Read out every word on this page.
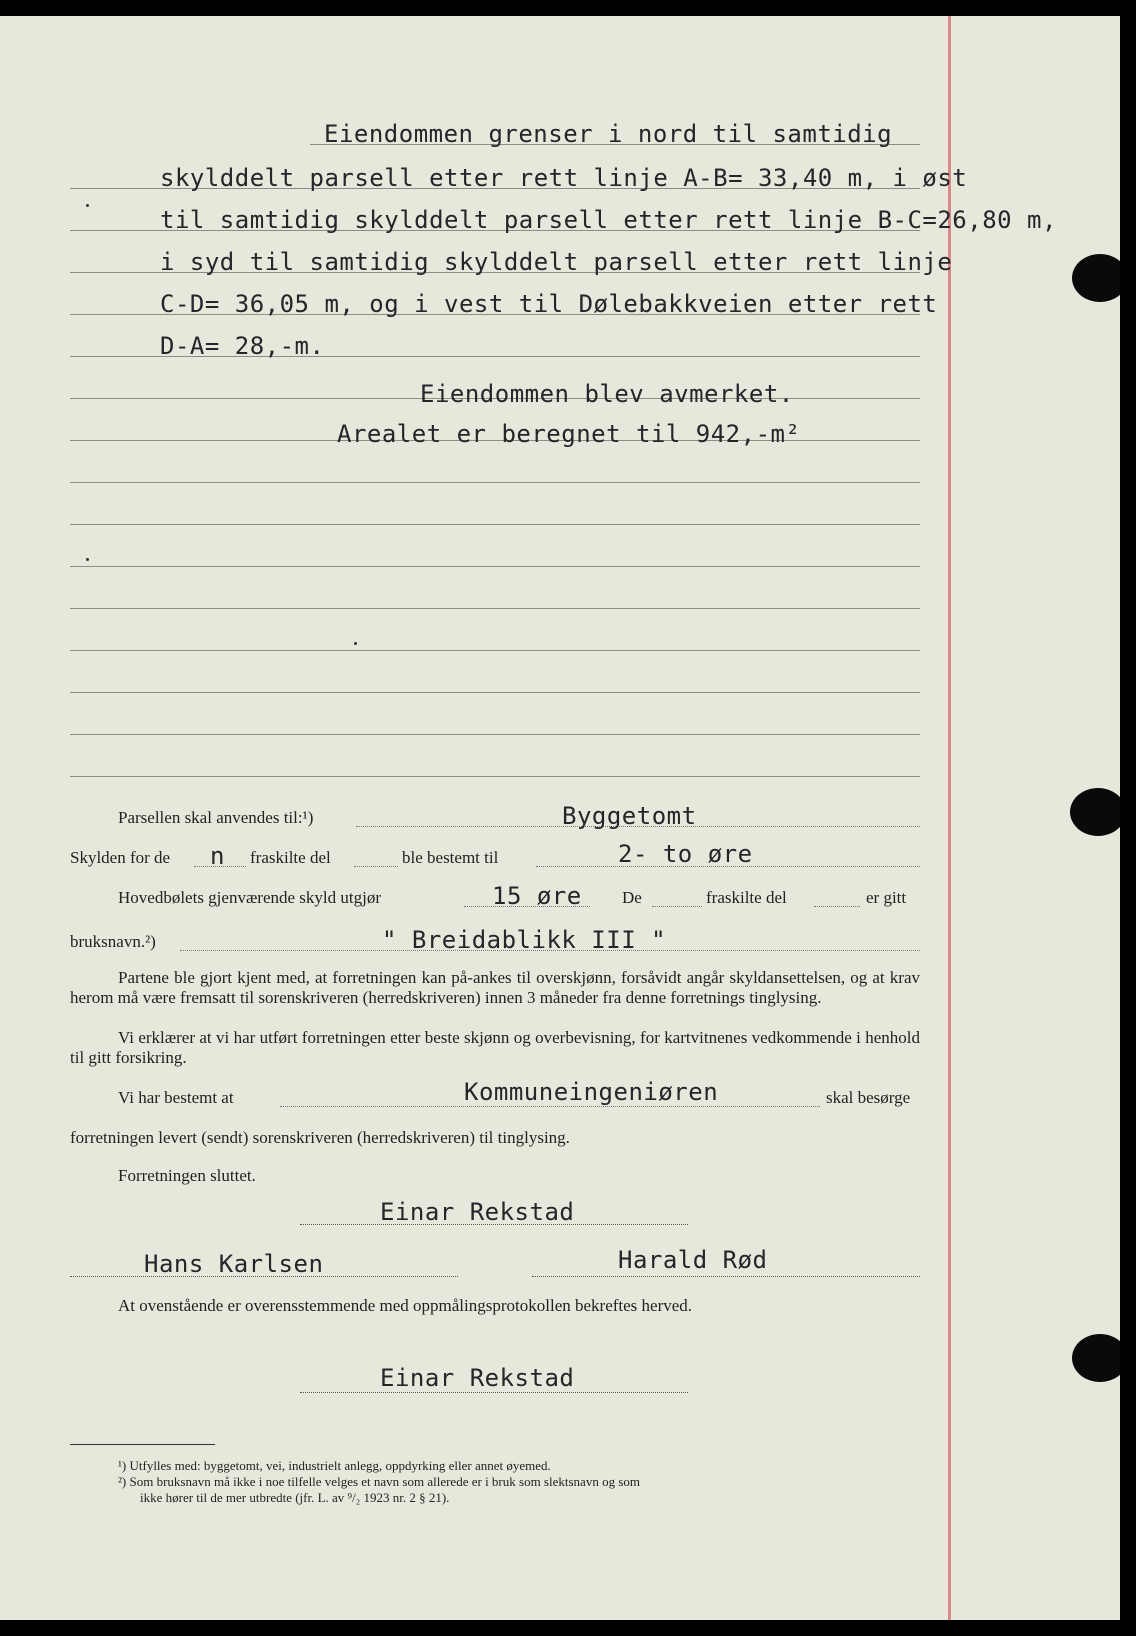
Eiendommen grenser i nord til samtidig
skylddelt parsell etter rett linje A-B= 33,40 m, i øst
til samtidig skylddelt parsell etter rett linje B-C=26,80 m,
i syd til samtidig skylddelt parsell etter rett linje
C-D= 36,05 m, og i vest til Dølebakkveien etter rett
D-A= 28,-m.
Eiendommen blev avmerket.
Arealet er beregnet til 942,-m²
Parsellen skal anvendes til:¹)	Byggetomt
Skylden for de n fraskilte del	ble bestemt til	2- to øre
Hovedbølets gjenværende skyld utgjør	15 øre De	fraskilte del	er gitt
bruksnavn.²)	" Breidablikk III "
Partene ble gjort kjent med, at forretningen kan på-ankes til overskjønn, forsåvidt angår skyldansettelsen, og at krav herom må være fremsatt til sorenskriveren (herredskriveren) innen 3 måneder fra denne forretnings tinglysing.
Vi erklærer at vi har utført forretningen etter beste skjønn og overbevisning, for kartvitnenes vedkommende i henhold til gitt forsikring.
Vi har bestemt at	Kommuneingeniøren	skal besørge
forretningen levert (sendt) sorenskriveren (herredskriveren) til tinglysing.
Forretningen sluttet.
Einar Rekstad
Hans Karlsen	Harald Rød
At ovenstående er overensstemmende med oppmålingsprotokollen bekreftes herved.
Einar Rekstad
¹) Utfylles med: byggetomt, vei, industrielt anlegg, oppdyrking eller annet øyemed.
²) Som bruksnavn må ikke i noe tilfelle velges et navn som allerede er i bruk som slektsnavn og som
ikke hører til de mer utbredte (jfr. L. av ⁹/₂ 1923 nr. 2 § 21).
